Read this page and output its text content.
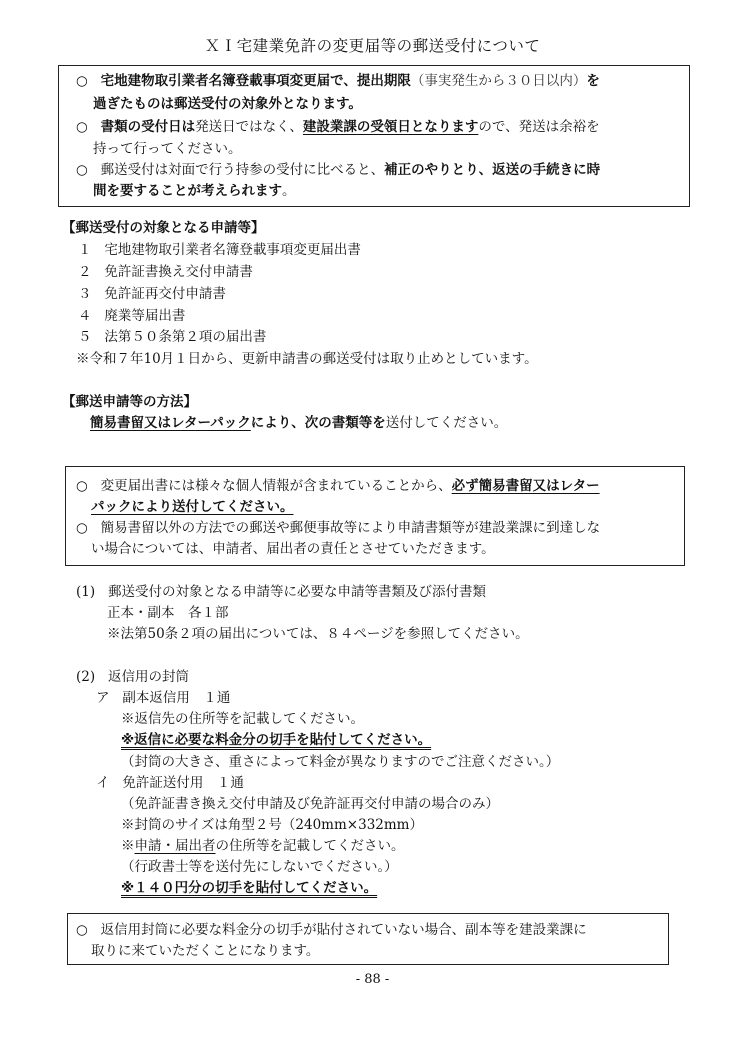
ＸＩ宅建業免許の変更届等の郵送受付について
○ 宅地建物取引業者名簿登載事項変更届で、提出期限（事実発生から３０日以内）を
過ぎたものは郵送受付の対象外となります。
○ 書類の受付日は発送日ではなく、建設業課の受領日となりますので、発送は余裕を
持って行ってください。
○ 郵送受付は対面で行う持参の受付に比べると、補正のやりとり、返送の手続きに時
間を要することが考えられます。
【郵送受付の対象となる申請等】
１ 宅地建物取引業者名簿登載事項変更届出書
２ 免許証書換え交付申請書
３ 免許証再交付申請書
４ 廃業等届出書
５ 法第５０条第２項の届出書
※令和７年10月１日から、更新申請書の郵送受付は取り止めとしています。
【郵送申請等の方法】
簡易書留又はレターパックにより、次の書類等を送付してください。
○ 変更届出書には様々な個人情報が含まれていることから、必ず簡易書留又はレター
パックにより送付してください。
○ 簡易書留以外の方法での郵送や郵便事故等により申請書類等が建設業課に到達しな
い場合については、申請者、届出者の責任とさせていただきます。
(1) 郵送受付の対象となる申請等に必要な申請等書類及び添付書類
正本・副本　各１部
※法第50条２項の届出については、８４ページを参照してください。
(2) 返信用の封筒
ア 副本返信用　１通
※返信先の住所等を記載してください。
※返信に必要な料金分の切手を貼付してください。
（封筒の大きさ、重さによって料金が異なりますのでご注意ください。）
イ 免許証送付用　１通
（免許証書き換え交付申請及び免許証再交付申請の場合のみ）
※封筒のサイズは角型２号（240mm×332mm）
※申請・届出者の住所等を記載してください。
（行政書士等を送付先にしないでください。）
※１４０円分の切手を貼付してください。
○ 返信用封筒に必要な料金分の切手が貼付されていない場合、副本等を建設業課に
取りに来ていただくことになります。
- 88 -
